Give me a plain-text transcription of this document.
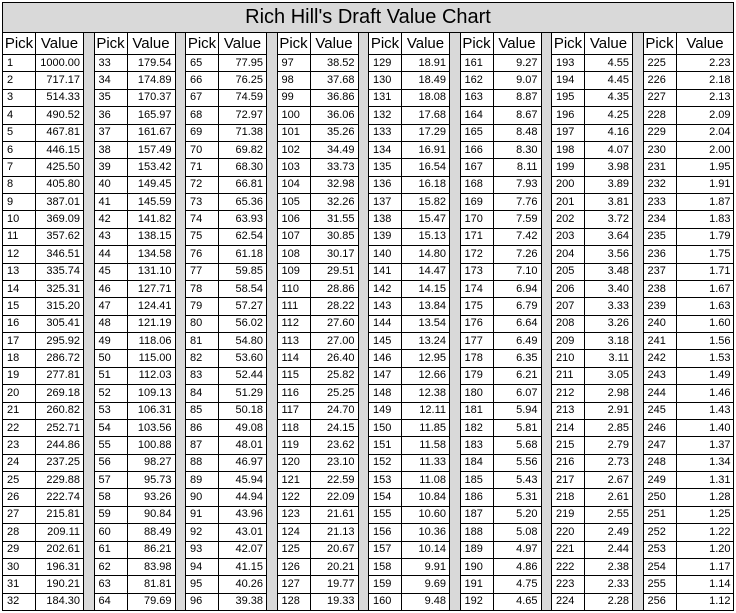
Rich Hill's Draft Value Chart
Pick Value
1	1000.00
2	717.17
3	514.33
4	490.52
5	467.81
6	446.15
7	425.50
8	405.80
9	387.01
10	369.09
11	357.62
12	346.51
13	335.74
14	325.31
15	315.20
16	305.41
17	295.92
18	286.72
19	277.81
20	269.18
21	260.82
22	252.71
23	244.86
24	237.25
25	229.88
26	222.74
27	215.81
28	209.11
29	202.61
30	196.31
31	190.21
32	184.30
Pick Value
33	179.54
34	174.89
35	170.37
36	165.97
37	161.67
38	157.49
39	153.42
40	149.45
41	145.59
42	141.82
43	138.15
44	134.58
45	131.10
46	127.71
47	124.41
48	121.19
49	118.06
50	115.00
51	112.03
52	109.13
53	106.31
54	103.56
55	100.88
56	98.27
57	95.73
58	93.26
59	90.84
60	88.49
61	86.21
62	83.98
63	81.81
64	79.69
Pick Value
65	77.95
66	76.25
67	74.59
68	72.97
69	71.38
70	69.82
71	68.30
72	66.81
73	65.36
74	63.93
75	62.54
76	61.18
77	59.85
78	58.54
79	57.27
80	56.02
81	54.80
82	53.60
83	52.44
84	51.29
85	50.18
86	49.08
87	48.01
88	46.97
89	45.94
90	44.94
91	43.96
92	43.01
93	42.07
94	41.15
95	40.26
96	39.38
Pick Value
97	38.52
98	37.68
99	36.86
100	36.06
101	35.26
102	34.49
103	33.73
104	32.98
105	32.26
106	31.55
107	30.85
108	30.17
109	29.51
110	28.86
111	28.22
112	27.60
113	27.00
114	26.40
115	25.82
116	25.25
117	24.70
118	24.15
119	23.62
120	23.10
121	22.59
122	22.09
123	21.61
124	21.13
125	20.67
126	20.21
127	19.77
128	19.33
Pick Value
129	18.91
130	18.49
131	18.08
132	17.68
133	17.29
134	16.91
135	16.54
136	16.18
137	15.82
138	15.47
139	15.13
140	14.80
141	14.47
142	14.15
143	13.84
144	13.54
145	13.24
146	12.95
147	12.66
148	12.38
149	12.11
150	11.85
151	11.58
152	11.33
153	11.08
154	10.84
155	10.60
156	10.36
157	10.14
158	9.91
159	9.69
160	9.48
Pick Value
161	9.27
162	9.07
163	8.87
164	8.67
165	8.48
166	8.30
167	8.11
168	7.93
169	7.76
170	7.59
171	7.42
172	7.26
173	7.10
174	6.94
175	6.79
176	6.64
177	6.49
178	6.35
179	6.21
180	6.07
181	5.94
182	5.81
183	5.68
184	5.56
185	5.43
186	5.31
187	5.20
188	5.08
189	4.97
190	4.86
191	4.75
192	4.65
Pick Value
193	4.55
194	4.45
195	4.35
196	4.25
197	4.16
198	4.07
199	3.98
200	3.89
201	3.81
202	3.72
203	3.64
204	3.56
205	3.48
206	3.40
207	3.33
208	3.26
209	3.18
210	3.11
211	3.05
212	2.98
213	2.91
214	2.85
215	2.79
216	2.73
217	2.67
218	2.61
219	2.55
220	2.49
221	2.44
222	2.38
223	2.33
224	2.28
Pick Value
225	2.23
226	2.18
227	2.13
228	2.09
229	2.04
230	2.00
231	1.95
232	1.91
233	1.87
234	1.83
235	1.79
236	1.75
237	1.71
238	1.67
239	1.63
240	1.60
241	1.56
242	1.53
243	1.49
244	1.46
245	1.43
246	1.40
247	1.37
248	1.34
249	1.31
250	1.28
251	1.25
252	1.22
253	1.20
254	1.17
255	1.14
256	1.12
